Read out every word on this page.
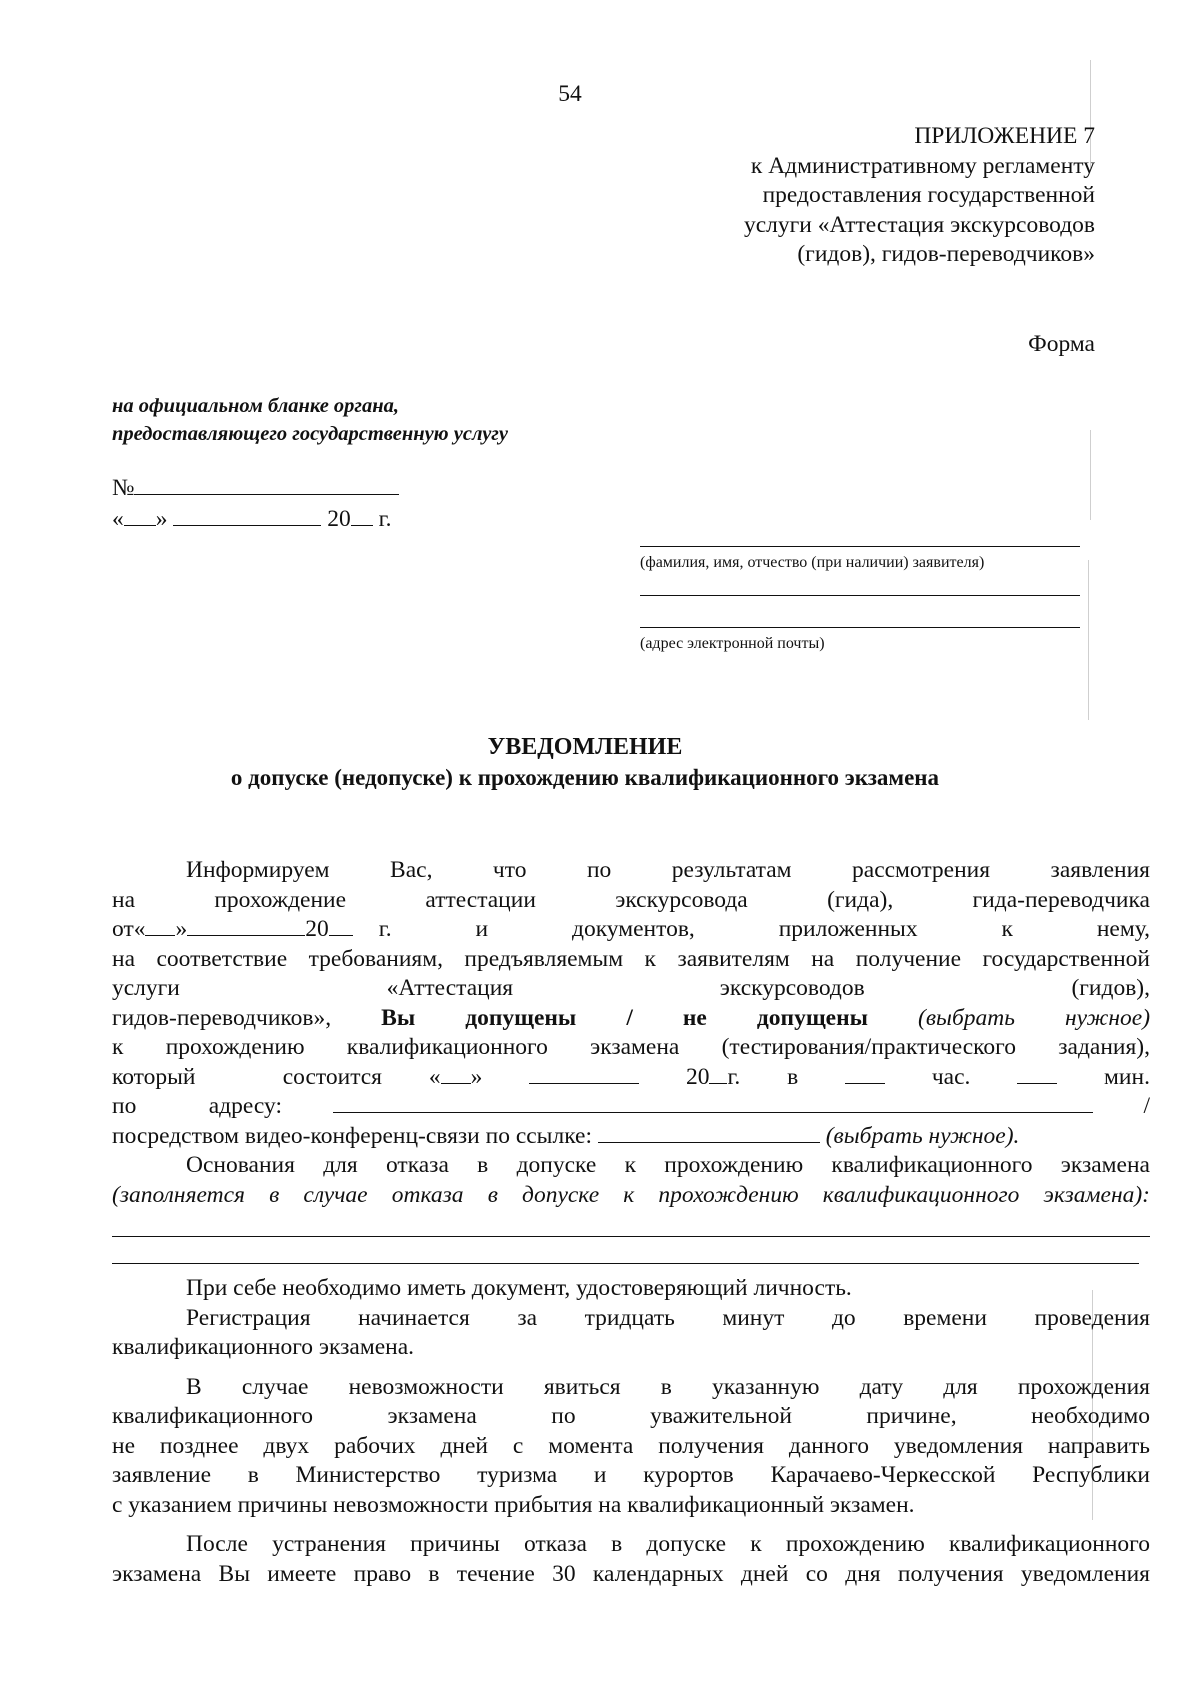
54
ПРИЛОЖЕНИЕ 7
к Административному регламенту
предоставления государственной
услуги «Аттестация экскурсоводов
(гидов), гидов-переводчиков»
Форма
на официальном бланке органа,
предоставляющего государственную услугу
№
« »	20 г.
(фамилия, имя, отчество (при наличии) заявителя)
(адрес электронной почты)
УВЕДОМЛЕНИЕ
о допуске (недопуске) к прохождению квалификационного экзамена
Информируем Вас, что по результатам рассмотрения заявления
на прохождение аттестации экскурсовода (гида), гида-переводчика
от « »	20 г. и документов, приложенных к нему,
на соответствие требованиям, предъявляемым к заявителям на получение государственной
услуги «Аттестация экскурсоводов (гидов),
гидов-переводчиков», Вы допущены / не допущены (выбрать нужное)
к прохождению квалификационного экзамена (тестирования/практического задания),
который состоится « »	20 г. в	час.	мин.
по адресу:	/
посредством видео-конференц-связи по ссылке:	(выбрать нужное).
Основания для отказа в допуске к прохождению квалификационного экзамена
(заполняется в случае отказа в допуске к прохождению квалификационного экзамена):
При себе необходимо иметь документ, удостоверяющий личность.
Регистрация начинается за тридцать минут до времени проведения
квалификационного экзамена.
В случае невозможности явиться в указанную дату для прохождения
квалификационного экзамена по уважительной причине, необходимо
не позднее двух рабочих дней с момента получения данного уведомления направить
заявление в Министерство туризма и курортов Карачаево-Черкесской Республики
с указанием причины невозможности прибытия на квалификационный экзамен.
После устранения причины отказа в допуске к прохождению квалификационного
экзамена Вы имеете право в течение 30 календарных дней со дня получения уведомления
